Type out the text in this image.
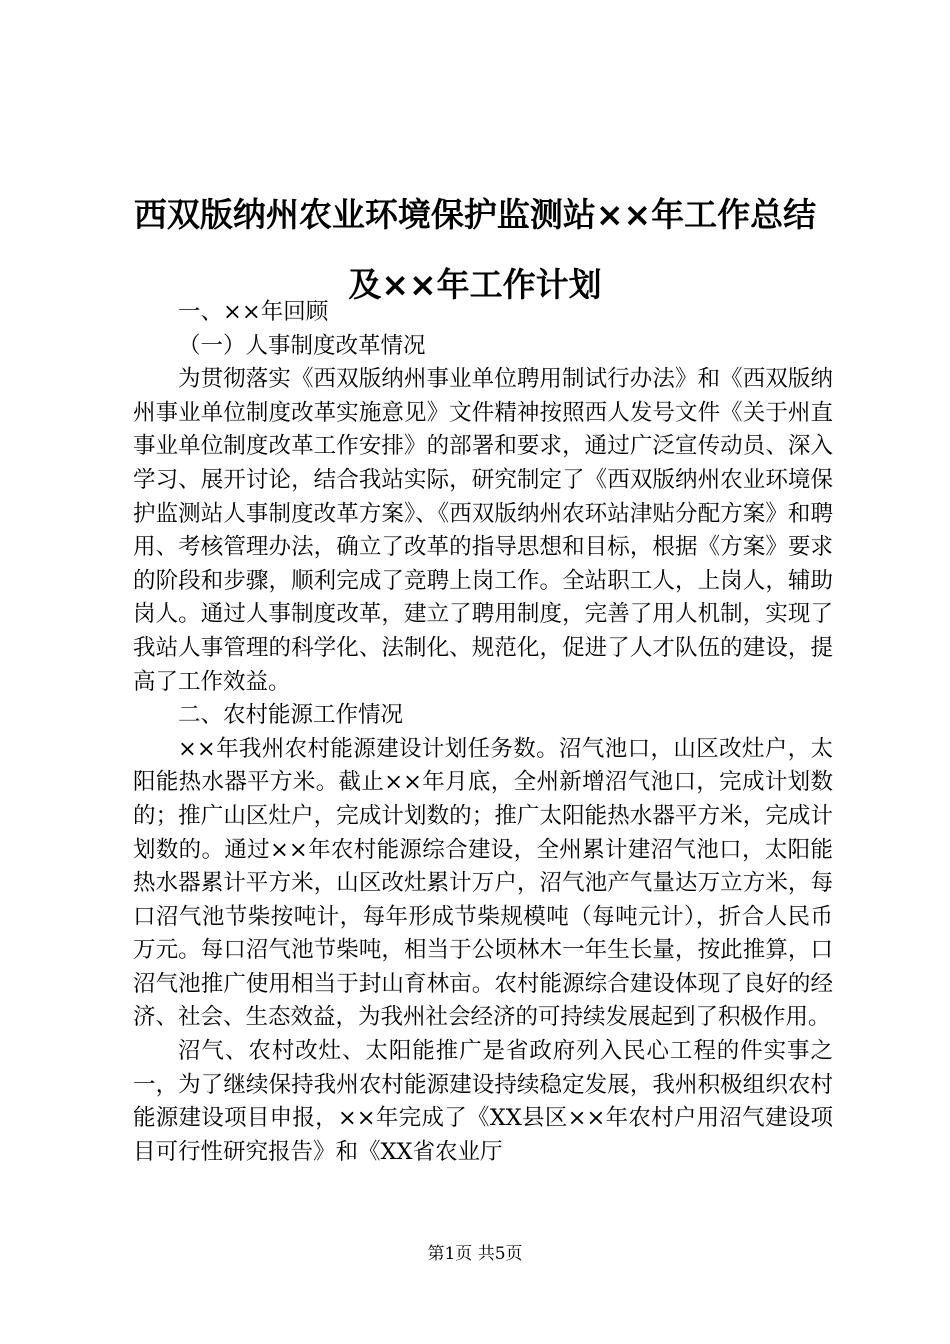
西双版纳州农业环境保护监测站××年工作总结及××年工作计划

一、××年回顾

（一）人事制度改革情况

为贯彻落实《西双版纳州事业单位聘用制试行办法》和《西双版纳州事业单位制度改革实施意见》文件精神按照西人发号文件《关于州直事业单位制度改革工作安排》的部署和要求，通过广泛宣传动员、深入学习、展开讨论，结合我站实际，研究制定了《西双版纳州农业环境保护监测站人事制度改革方案》、《西双版纳州农环站津贴分配方案》和聘用、考核管理办法，确立了改革的指导思想和目标，根据《方案》要求的阶段和步骤，顺利完成了竞聘上岗工作。全站职工人，上岗人，辅助岗人。通过人事制度改革，建立了聘用制度，完善了用人机制，实现了我站人事管理的科学化、法制化、规范化，促进了人才队伍的建设，提高了工作效益。

二、农村能源工作情况

××年我州农村能源建设计划任务数。沼气池口，山区改灶户，太阳能热水器平方米。截止××年月底，全州新增沼气池口，完成计划数的；推广山区灶户，完成计划数的；推广太阳能热水器平方米，完成计划数的。通过××年农村能源综合建设，全州累计建沼气池口，太阳能热水器累计平方米，山区改灶累计万户，沼气池产气量达万立方米，每口沼气池节柴按吨计，每年形成节柴规模吨（每吨元计），折合人民币万元。每口沼气池节柴吨，相当于公顷林木一年生长量，按此推算，口沼气池推广使用相当于封山育林亩。农村能源综合建设体现了良好的经济、社会、生态效益，为我州社会经济的可持续发展起到了积极作用。

沼气、农村改灶、太阳能推广是省政府列入民心工程的件实事之一，为了继续保持我州农村能源建设持续稳定发展，我州积极组织农村能源建设项目申报，××年完成了《XX县区××年农村户用沼气建设项目可行性研究报告》和《XX省农业厅

第1页 共5页
